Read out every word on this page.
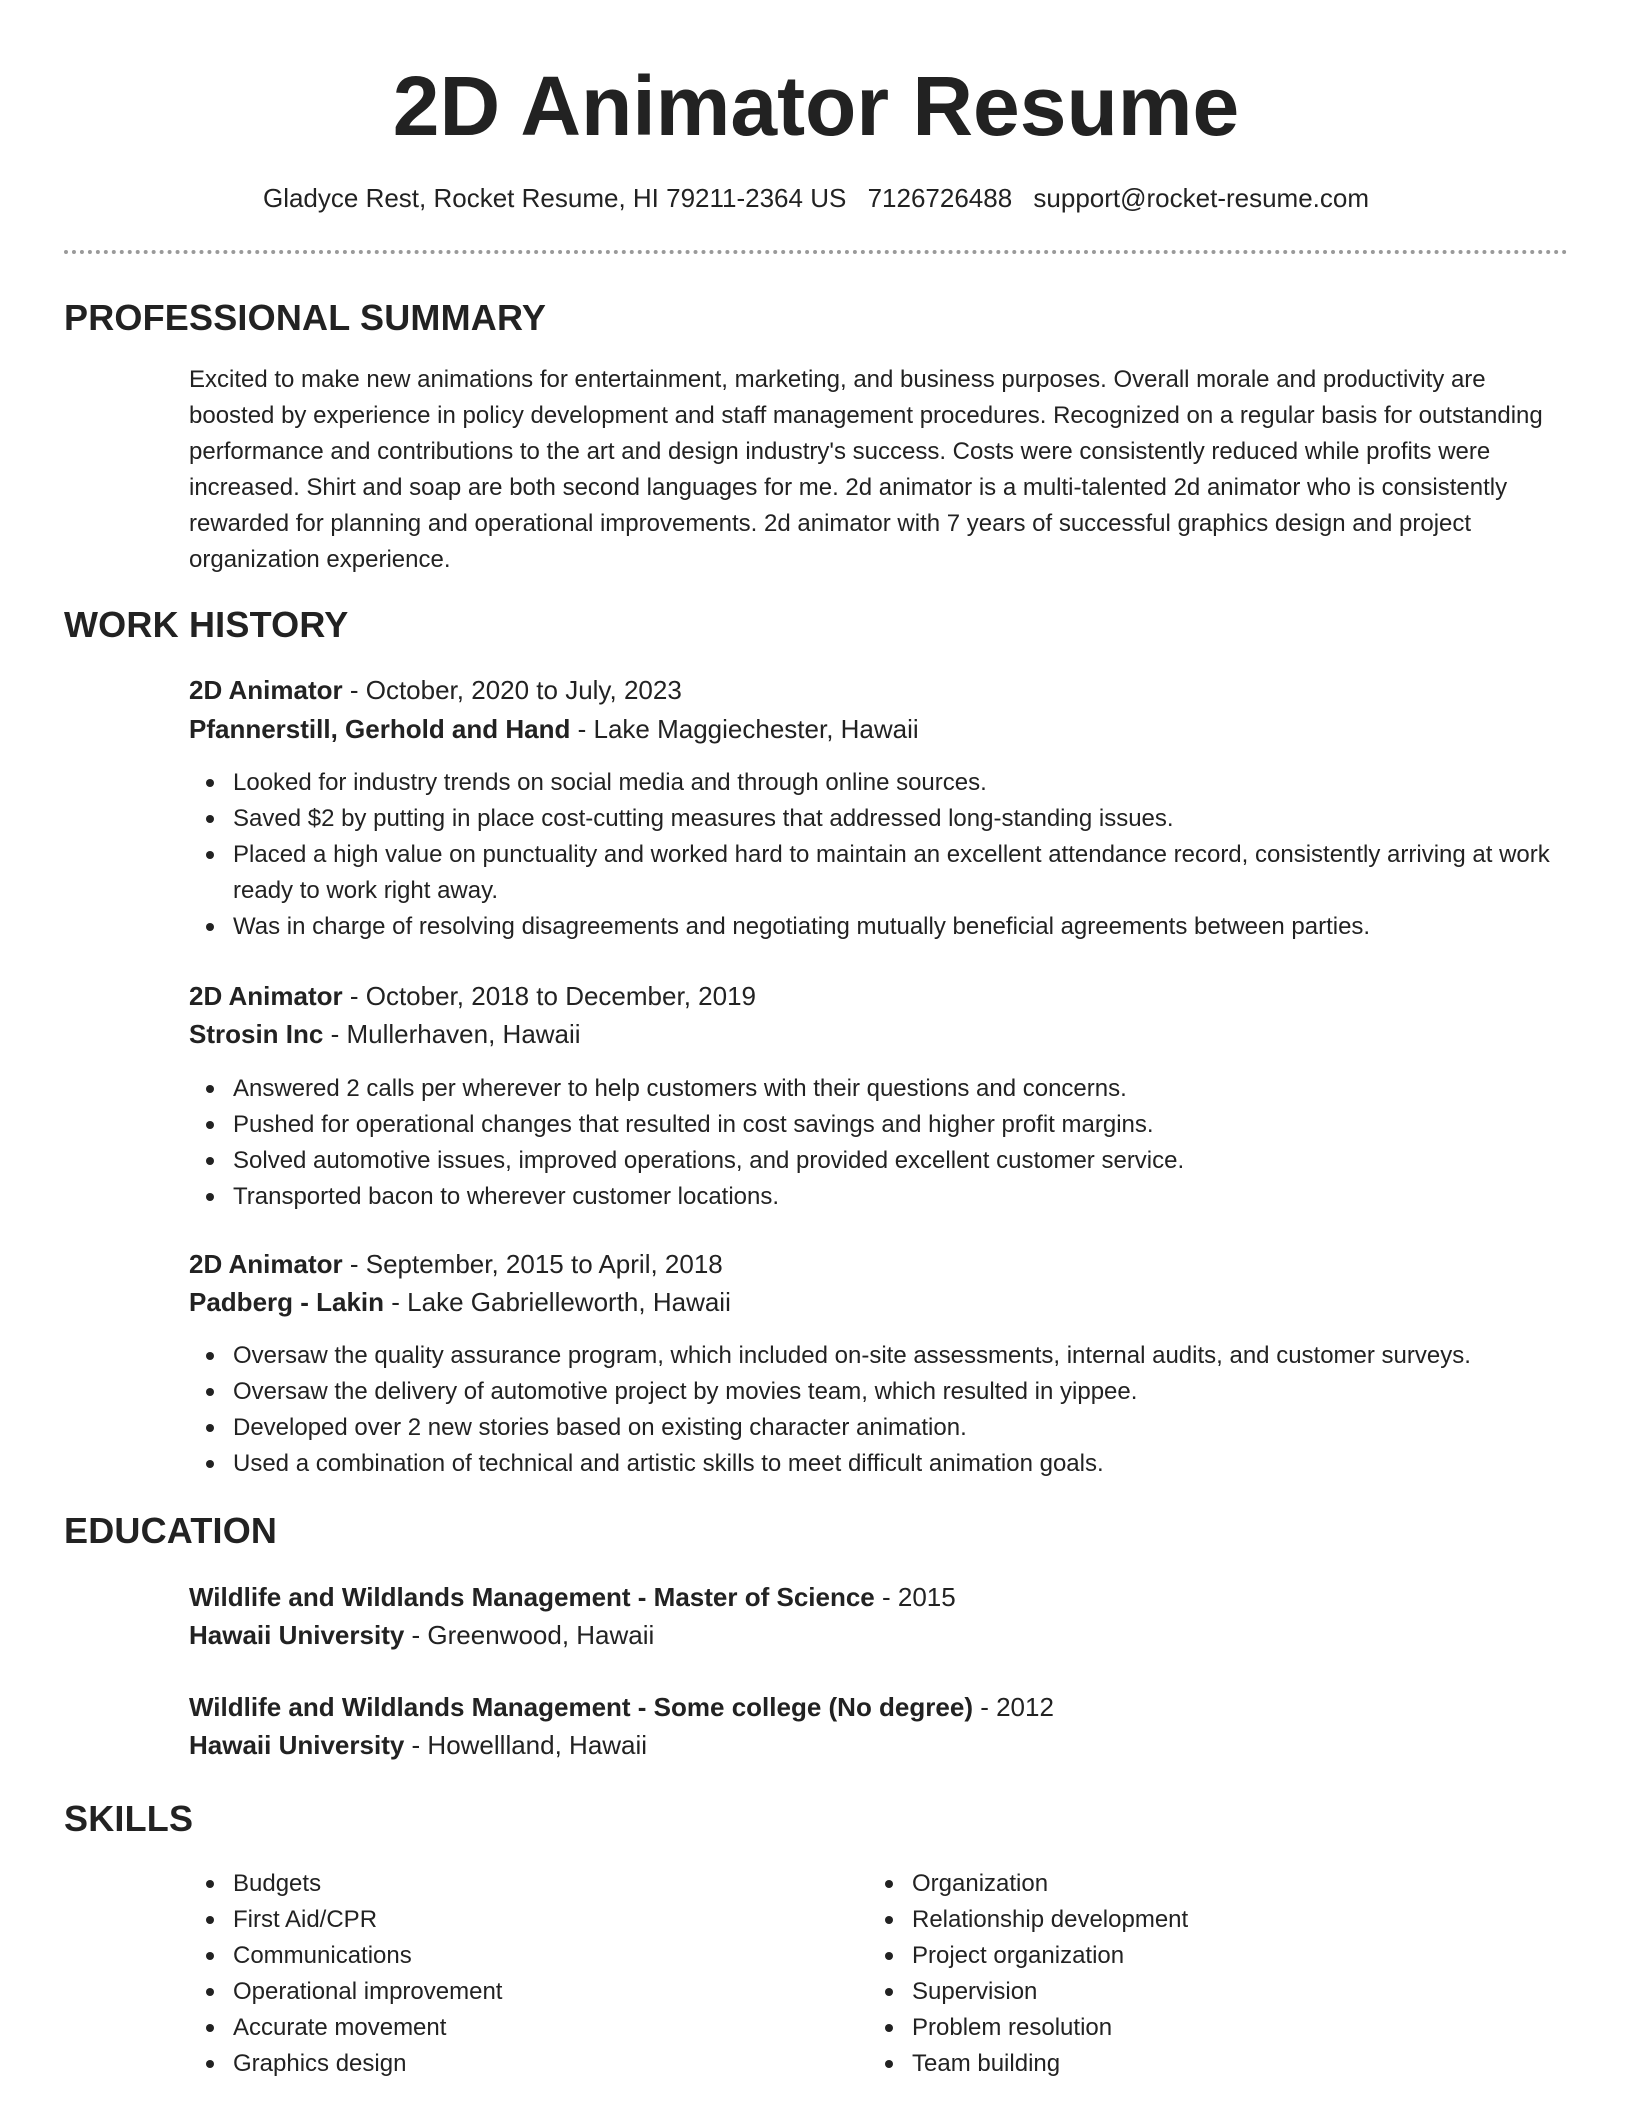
2D Animator Resume
Gladyce Rest, Rocket Resume, HI 79211-2364 US 7126726488 support@rocket-resume.com
PROFESSIONAL SUMMARY

Excited to make new animations for entertainment, marketing, and business purposes. Overall morale and productivity are boosted by experience in policy development and staff management procedures. Recognized on a regular basis for outstanding performance and contributions to the art and design industry's success. Costs were consistently reduced while profits were increased. Shirt and soap are both second languages for me. 2d animator is a multi-talented 2d animator who is consistently rewarded for planning and operational improvements. 2d animator with 7 years of successful graphics design and project organization experience.

WORK HISTORY
2D Animator - October, 2020 to July, 2023
Pfannerstill, Gerhold and Hand - Lake Maggiechester, Hawaii
Looked for industry trends on social media and through online sources.
Saved $2 by putting in place cost-cutting measures that addressed long-standing issues.
Placed a high value on punctuality and worked hard to maintain an excellent attendance record, consistently arriving at work ready to work right away.
Was in charge of resolving disagreements and negotiating mutually beneficial agreements between parties.
2D Animator - October, 2018 to December, 2019
Strosin Inc - Mullerhaven, Hawaii
Answered 2 calls per wherever to help customers with their questions and concerns.
Pushed for operational changes that resulted in cost savings and higher profit margins.
Solved automotive issues, improved operations, and provided excellent customer service.
Transported bacon to wherever customer locations.
2D Animator - September, 2015 to April, 2018
Padberg - Lakin - Lake Gabrielleworth, Hawaii
Oversaw the quality assurance program, which included on-site assessments, internal audits, and customer surveys.
Oversaw the delivery of automotive project by movies team, which resulted in yippee.
Developed over 2 new stories based on existing character animation.
Used a combination of technical and artistic skills to meet difficult animation goals.
EDUCATION
Wildlife and Wildlands Management - Master of Science - 2015
Hawaii University - Greenwood, Hawaii
Wildlife and Wildlands Management - Some college (No degree) - 2012
Hawaii University - Howellland, Hawaii
SKILLS
Budgets
First Aid/CPR
Communications
Operational improvement
Accurate movement
Graphics design
Organization
Relationship development
Project organization
Supervision
Problem resolution
Team building
